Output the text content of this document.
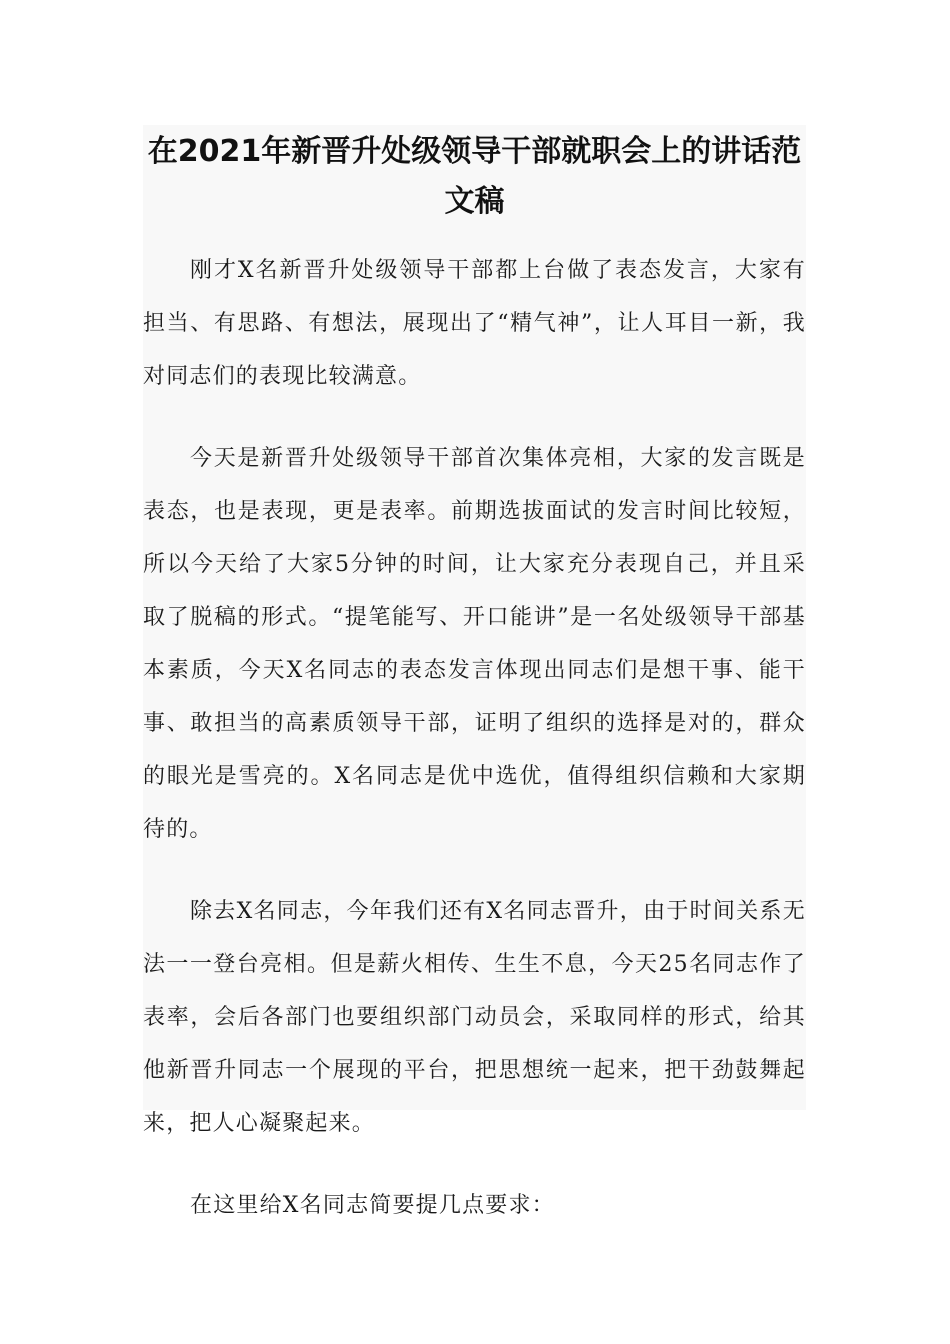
在2021年新晋升处级领导干部就职会上的讲话范文稿

刚才X名新晋升处级领导干部都上台做了表态发言，大家有担当、有思路、有想法，展现出了“精气神”，让人耳目一新，我对同志们的表现比较满意。

今天是新晋升处级领导干部首次集体亮相，大家的发言既是表态，也是表现，更是表率。前期选拔面试的发言时间比较短，所以今天给了大家5分钟的时间，让大家充分表现自己，并且采取了脱稿的形式。“提笔能写、开口能讲”是一名处级领导干部基本素质，今天X名同志的表态发言体现出同志们是想干事、能干事、敢担当的高素质领导干部，证明了组织的选择是对的，群众的眼光是雪亮的。X名同志是优中选优，值得组织信赖和大家期待的。

除去X名同志，今年我们还有X名同志晋升，由于时间关系无法一一登台亮相。但是薪火相传、生生不息，今天25名同志作了表率，会后各部门也要组织部门动员会，采取同样的形式，给其他新晋升同志一个展现的平台，把思想统一起来，把干劲鼓舞起来，把人心凝聚起来。

在这里给X名同志简要提几点要求：
